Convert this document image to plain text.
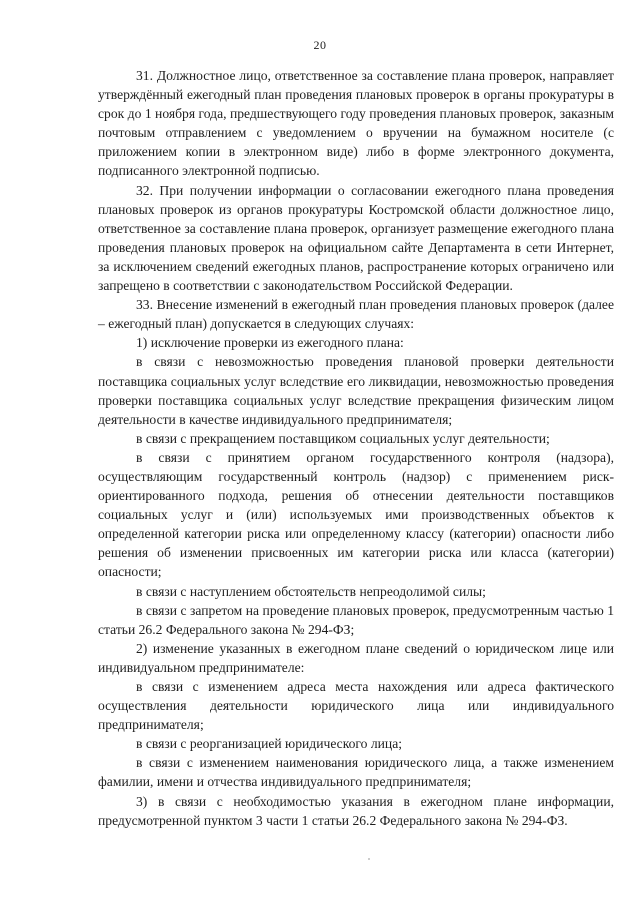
20

31. Должностное лицо, ответственное за составление плана проверок, направляет утверждённый ежегодный план проведения плановых проверок в органы прокуратуры в срок до 1 ноября года, предшествующего году проведения плановых проверок, заказным почтовым отправлением с уведомлением о вручении на бумажном носителе (с приложением копии в электронном виде) либо в форме электронного документа, подписанного электронной подписью.

32. При получении информации о согласовании ежегодного плана проведения плановых проверок из органов прокуратуры Костромской области должностное лицо, ответственное за составление плана проверок, организует размещение ежегодного плана проведения плановых проверок на официальном сайте Департамента в сети Интернет, за исключением сведений ежегодных планов, распространение которых ограничено или запрещено в соответствии с законодательством Российской Федерации.

33. Внесение изменений в ежегодный план проведения плановых проверок (далее – ежегодный план) допускается в следующих случаях:

1) исключение проверки из ежегодного плана:

в связи с невозможностью проведения плановой проверки деятельности поставщика социальных услуг вследствие его ликвидации, невозможностью проведения проверки поставщика социальных услуг вследствие прекращения физическим лицом деятельности в качестве индивидуального предпринимателя;

в связи с прекращением поставщиком социальных услуг деятельности;

в связи с принятием органом государственного контроля (надзора), осуществляющим государственный контроль (надзор) с применением риск-ориентированного подхода, решения об отнесении деятельности поставщиков социальных услуг и (или) используемых ими производственных объектов к определенной категории риска или определенному классу (категории) опасности либо решения об изменении присвоенных им категории риска или класса (категории) опасности;

в связи с наступлением обстоятельств непреодолимой силы;

в связи с запретом на проведение плановых проверок, предусмотренным частью 1 статьи 26.2 Федерального закона № 294-ФЗ;

2) изменение указанных в ежегодном плане сведений о юридическом лице или индивидуальном предпринимателе:

в связи с изменением адреса места нахождения или адреса фактического осуществления деятельности юридического лица или индивидуального предпринимателя;

в связи с реорганизацией юридического лица;

в связи с изменением наименования юридического лица, а также изменением фамилии, имени и отчества индивидуального предпринимателя;

3) в связи с необходимостью указания в ежегодном плане информации, предусмотренной пунктом 3 части 1 статьи 26.2 Федерального закона № 294-ФЗ.
